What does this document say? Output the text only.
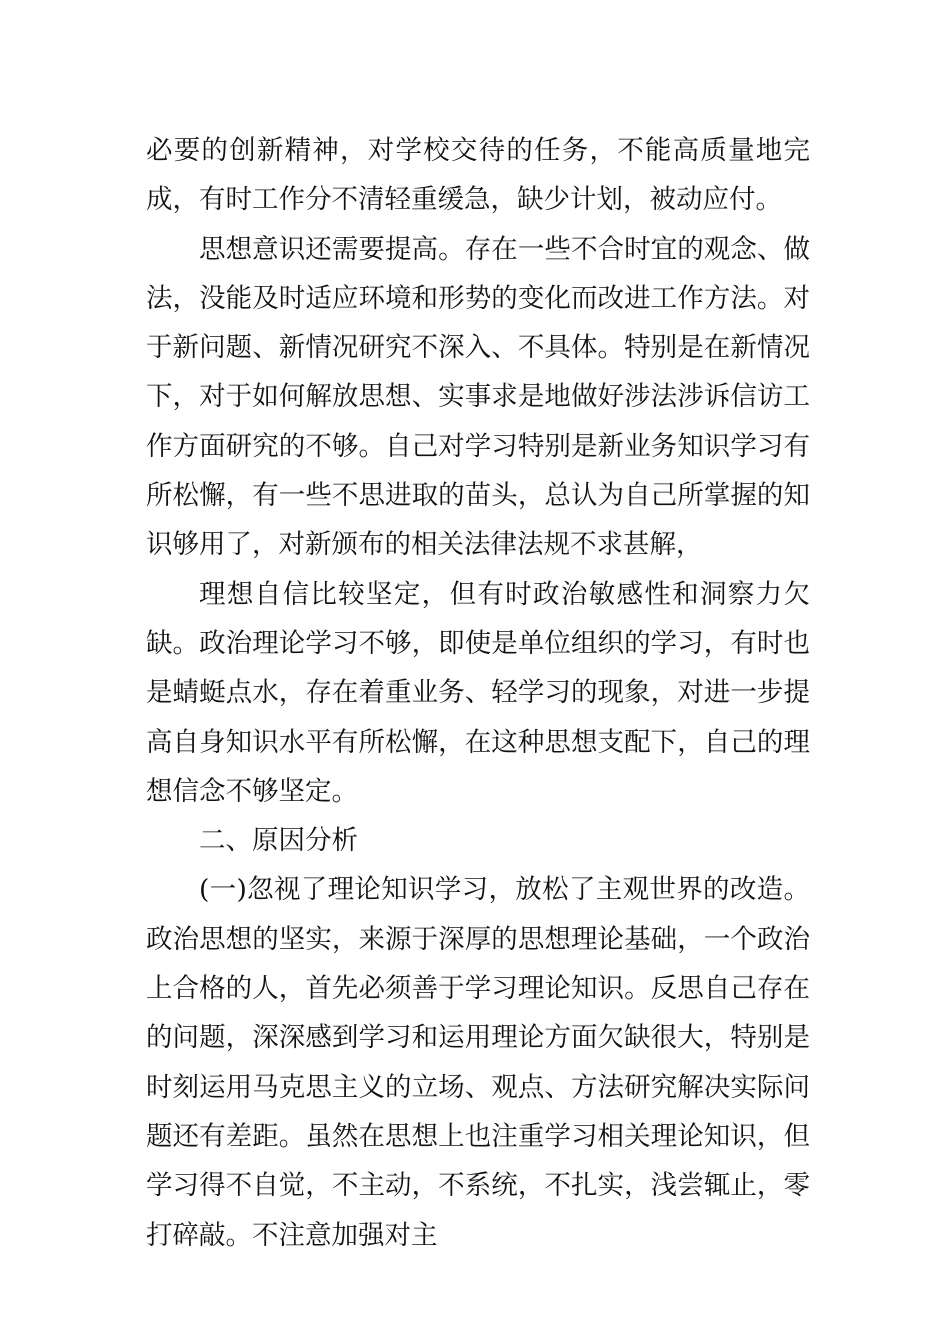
必要的创新精神，对学校交待的任务，不能高质量地完成，有时工作分不清轻重缓急，缺少计划，被动应付。

思想意识还需要提高。存在一些不合时宜的观念、做法，没能及时适应环境和形势的变化而改进工作方法。对于新问题、新情况研究不深入、不具体。特别是在新情况下，对于如何解放思想、实事求是地做好涉法涉诉信访工作方面研究的不够。自己对学习特别是新业务知识学习有所松懈，有一些不思进取的苗头，总认为自己所掌握的知识够用了，对新颁布的相关法律法规不求甚解，

理想自信比较坚定，但有时政治敏感性和洞察力欠缺。政治理论学习不够，即使是单位组织的学习，有时也是蜻蜓点水，存在着重业务、轻学习的现象，对进一步提高自身知识水平有所松懈，在这种思想支配下，自己的理想信念不够坚定。

二、原因分析

(一)忽视了理论知识学习，放松了主观世界的改造。政治思想的坚实，来源于深厚的思想理论基础，一个政治上合格的人，首先必须善于学习理论知识。反思自己存在的问题，深深感到学习和运用理论方面欠缺很大，特别是时刻运用马克思主义的立场、观点、方法研究解决实际问题还有差距。虽然在思想上也注重学习相关理论知识，但学习得不自觉，不主动，不系统，不扎实，浅尝辄止，零打碎敲。不注意加强对主
